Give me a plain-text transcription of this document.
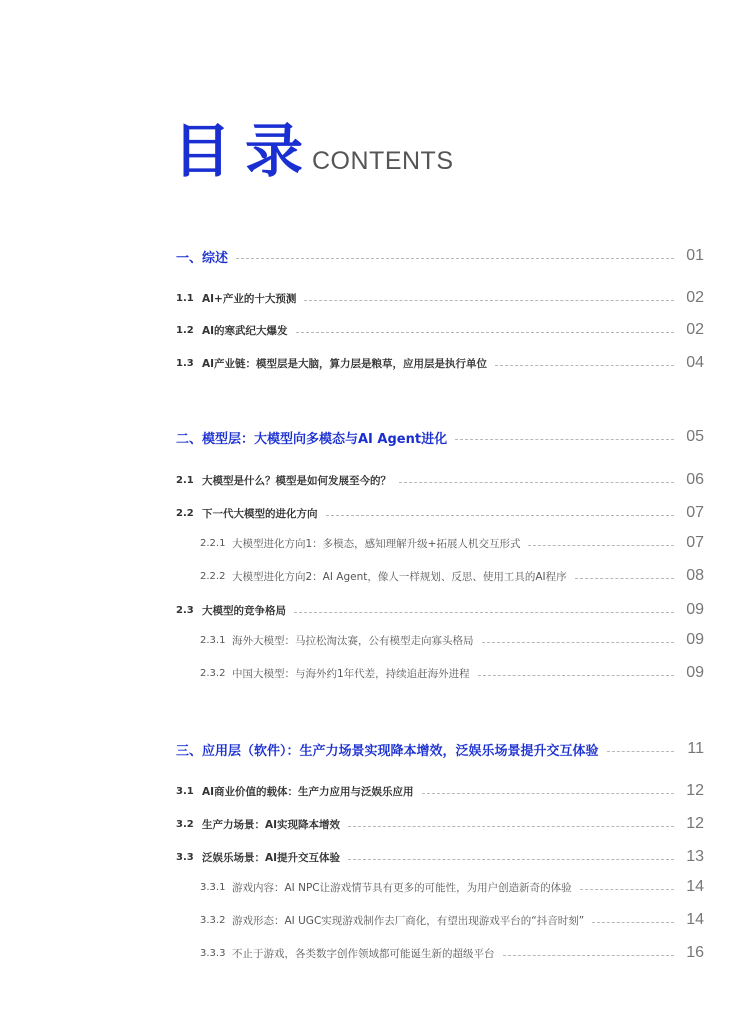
目录
CONTENTS
一、综述	01
1.1 AI+产业的十大预测	02
1.2 AI的寒武纪大爆发	02
1.3 AI产业链：模型层是大脑，算力层是粮草，应用层是执行单位	04
二、模型层：大模型向多模态与AI Agent进化	05
2.1 大模型是什么？模型是如何发展至今的？	06
2.2 下一代大模型的进化方向	07
2.2.1 大模型进化方向1：多模态，感知理解升级+拓展人机交互形式	07
2.2.2 大模型进化方向2：AI Agent，像人一样规划、反思、使用工具的AI程序	08
2.3 大模型的竞争格局	09
2.3.1 海外大模型：马拉松淘汰赛，公有模型走向寡头格局	09
2.3.2 中国大模型：与海外约1年代差，持续追赶海外进程	09
三、应用层（软件）：生产力场景实现降本增效，泛娱乐场景提升交互体验	11
3.1 AI商业价值的载体：生产力应用与泛娱乐应用	12
3.2 生产力场景：AI实现降本增效	12
3.3 泛娱乐场景：AI提升交互体验	13
3.3.1 游戏内容：AI NPC让游戏情节具有更多的可能性，为用户创造新奇的体验	14
3.3.2 游戏形态：AI UGC实现游戏制作去厂商化，有望出现游戏平台的“抖音时刻”	14
3.3.3 不止于游戏，各类数字创作领域都可能诞生新的超级平台	16
